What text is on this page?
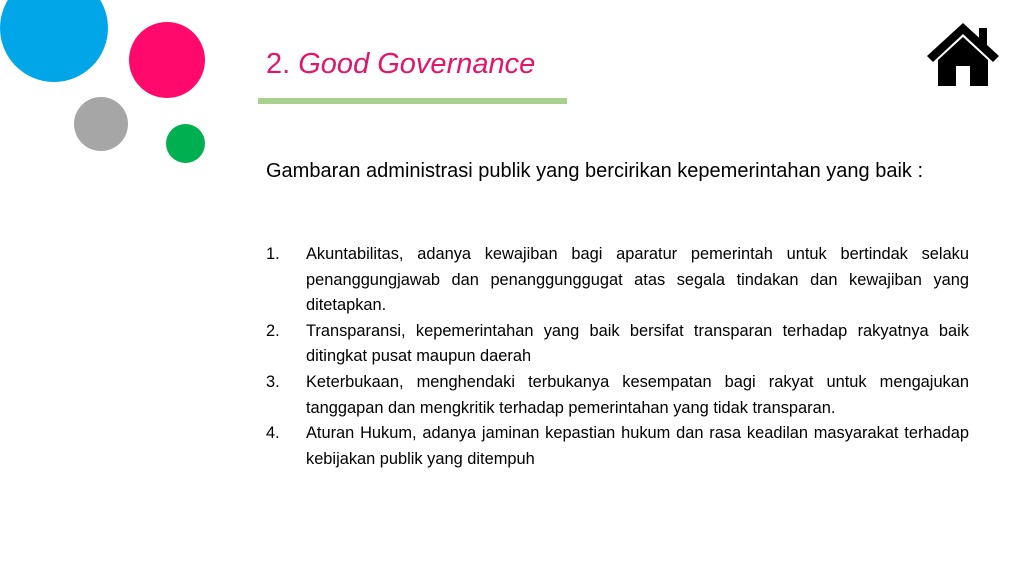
2. Good Governance
Gambaran administrasi publik yang bercirikan kepemerintahan yang baik :
1. Akuntabilitas, adanya kewajiban bagi aparatur pemerintah untuk bertindak selaku penanggungjawab dan penanggunggugat atas segala tindakan dan kewajiban yang ditetapkan.
2. Transparansi, kepemerintahan yang baik bersifat transparan terhadap rakyatnya baik ditingkat pusat maupun daerah
3. Keterbukaan, menghendaki terbukanya kesempatan bagi rakyat untuk mengajukan tanggapan dan mengkritik terhadap pemerintahan yang tidak transparan.
4. Aturan Hukum, adanya jaminan kepastian hukum dan rasa keadilan masyarakat terhadap kebijakan publik yang ditempuh
